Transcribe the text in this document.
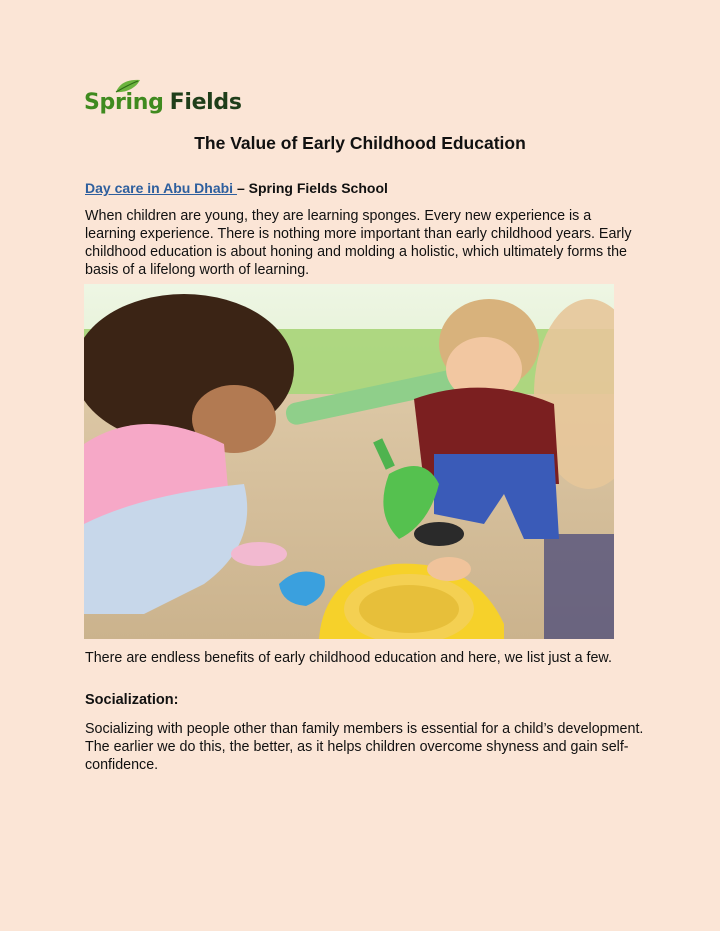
Spring Fields
The Value of Early Childhood Education
Day care in Abu Dhabi – Spring Fields School

When children are young, they are learning sponges. Every new experience is a learning experience. There is nothing more important than early childhood years. Early childhood education is about honing and molding a holistic, which ultimately forms the basis of a lifelong worth of learning.

There are endless benefits of early childhood education and here, we list just a few.

Socialization:

Socializing with people other than family members is essential for a child’s development. The earlier we do this, the better, as it helps children overcome shyness and gain self-confidence.
